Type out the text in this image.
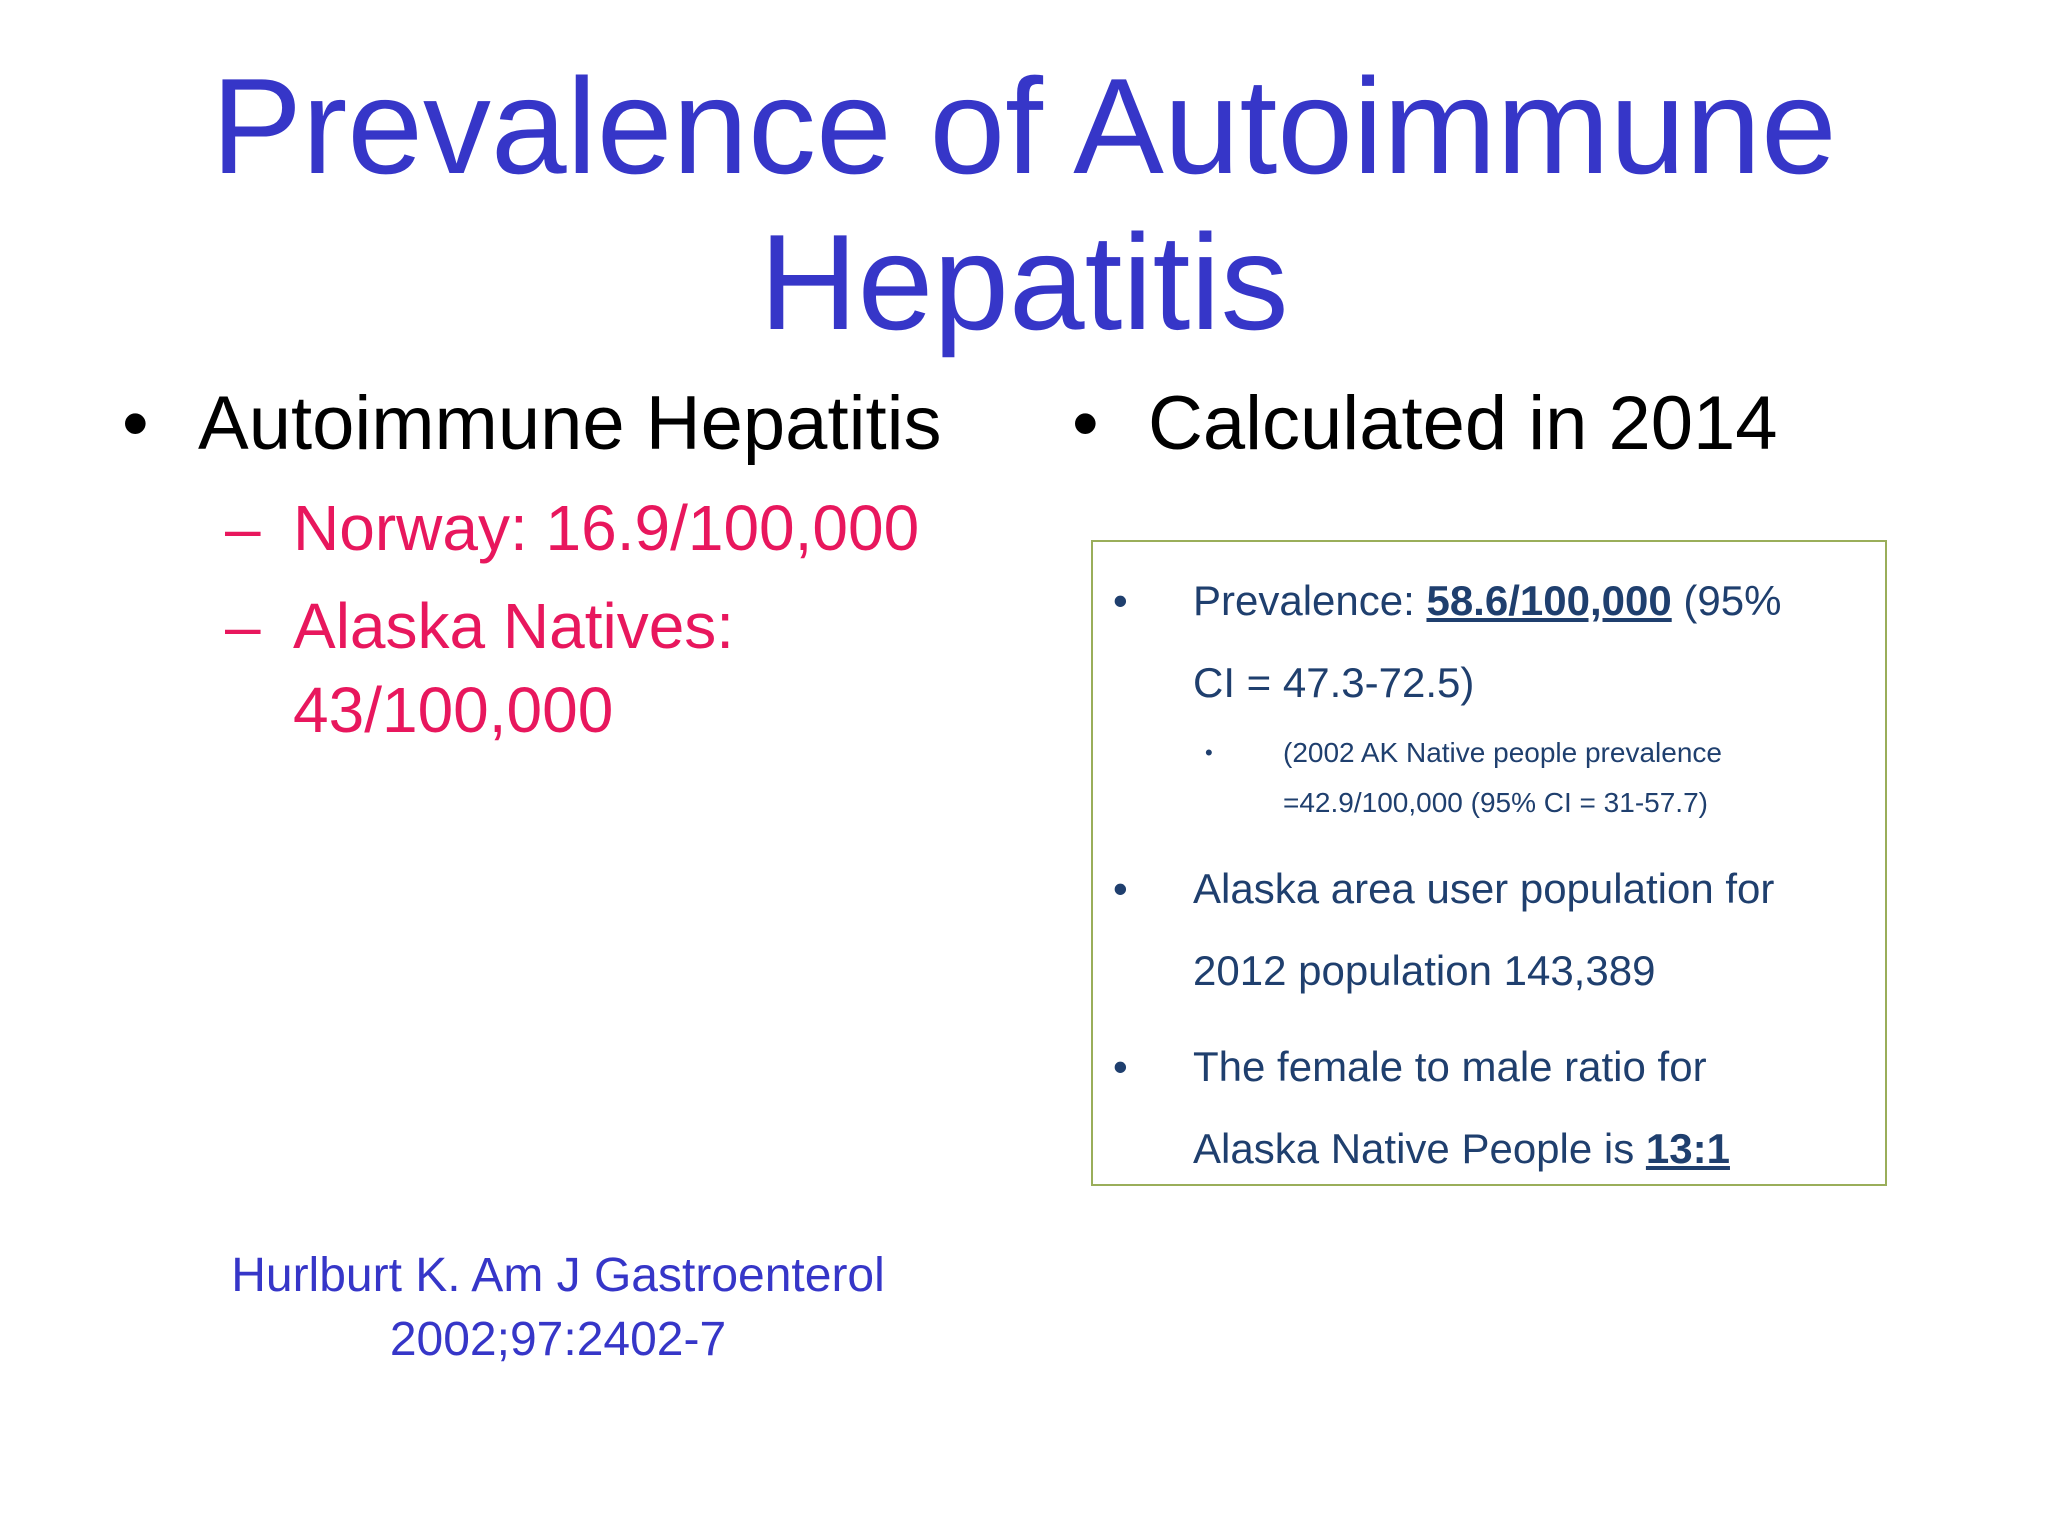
Prevalence of Autoimmune
Hepatitis
• Autoimmune Hepatitis
– Norway: 16.9/100,000
– Alaska Natives:
43/100,000
Hurlburt K. Am J Gastroenterol
2002;97:2402-7
• Calculated in 2014
• Prevalence: 58.6/100,000 (95%
CI = 47.3-72.5)
•	(2002 AK Native people prevalence
=42.9/100,000 (95% CI = 31-57.7)
• Alaska area user population for
2012 population 143,389
• The female to male ratio for
Alaska Native People is 13:1
